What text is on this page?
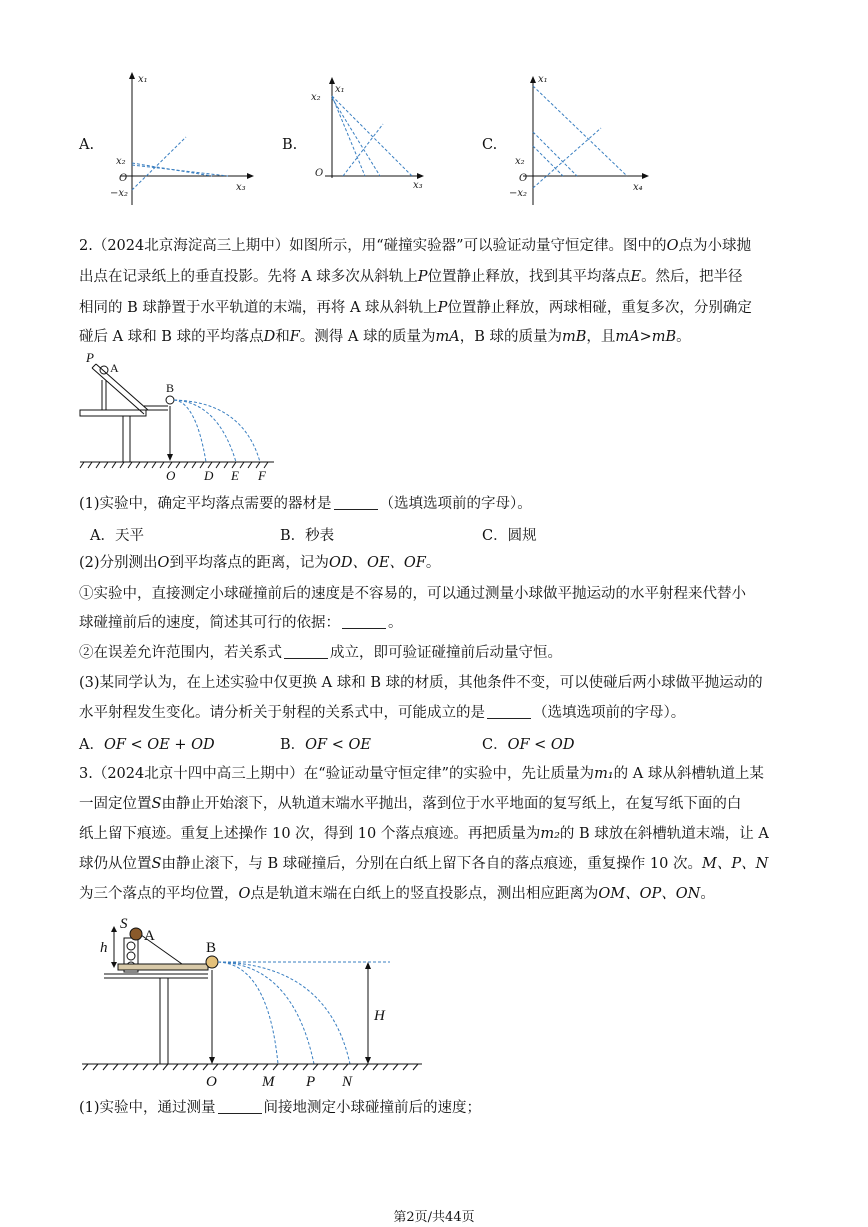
A.
x₁
x₂
O
−x₂
x₃
B.
x₁
x₂
O
x₃
C.
x₁
x₂
O
−x₂
x₄
2.（2024北京海淀高三上期中）如图所示，用“碰撞实验器”可以验证动量守恒定律。图中的O点为小球抛
出点在记录纸上的垂直投影。先将 A 球多次从斜轨上P位置静止释放，找到其平均落点E。然后，把半径
相同的 B 球静置于水平轨道的末端，再将 A 球从斜轨上P位置静止释放，两球相碰，重复多次，分别确定
碰后 A 球和 B 球的平均落点D和F。测得 A 球的质量为mA，B 球的质量为mB，且mA>mB。
P
A
B
O D E F
(1)实验中，确定平均落点需要的器材是	（选填选项前的字母）。
A．天平	B．秒表	C．圆规
(2)分别测出O到平均落点的距离，记为OD、OE、OF。
①实验中，直接测定小球碰撞前后的速度是不容易的，可以通过测量小球做平抛运动的水平射程来代替小
球碰撞前后的速度，简述其可行的依据：	。
②在误差允许范围内，若关系式	成立，即可验证碰撞前后动量守恒。
(3)某同学认为，在上述实验中仅更换 A 球和 B 球的材质，其他条件不变，可以使碰后两小球做平抛运动的
水平射程发生变化。请分析关于射程的关系式中，可能成立的是	（选填选项前的字母）。
A．OF < OE + OD	B．OF < OE	C．OF < OD
3.（2024北京十四中高三上期中）在“验证动量守恒定律”的实验中，先让质量为m₁的 A 球从斜槽轨道上某
一固定位置S由静止开始滚下，从轨道末端水平抛出，落到位于水平地面的复写纸上，在复写纸下面的白
纸上留下痕迹。重复上述操作 10 次，得到 10 个落点痕迹。再把质量为m₂的 B 球放在斜槽轨道末端，让 A
球仍从位置S由静止滚下，与 B 球碰撞后，分别在白纸上留下各自的落点痕迹，重复操作 10 次。M、P、N
为三个落点的平均位置，O点是轨道末端在白纸上的竖直投影点，测出相应距离为OM、OP、ON。
S
A
h	B
H
O	M P N
(1)实验中，通过测量	间接地测定小球碰撞前后的速度；
第2页/共44页
